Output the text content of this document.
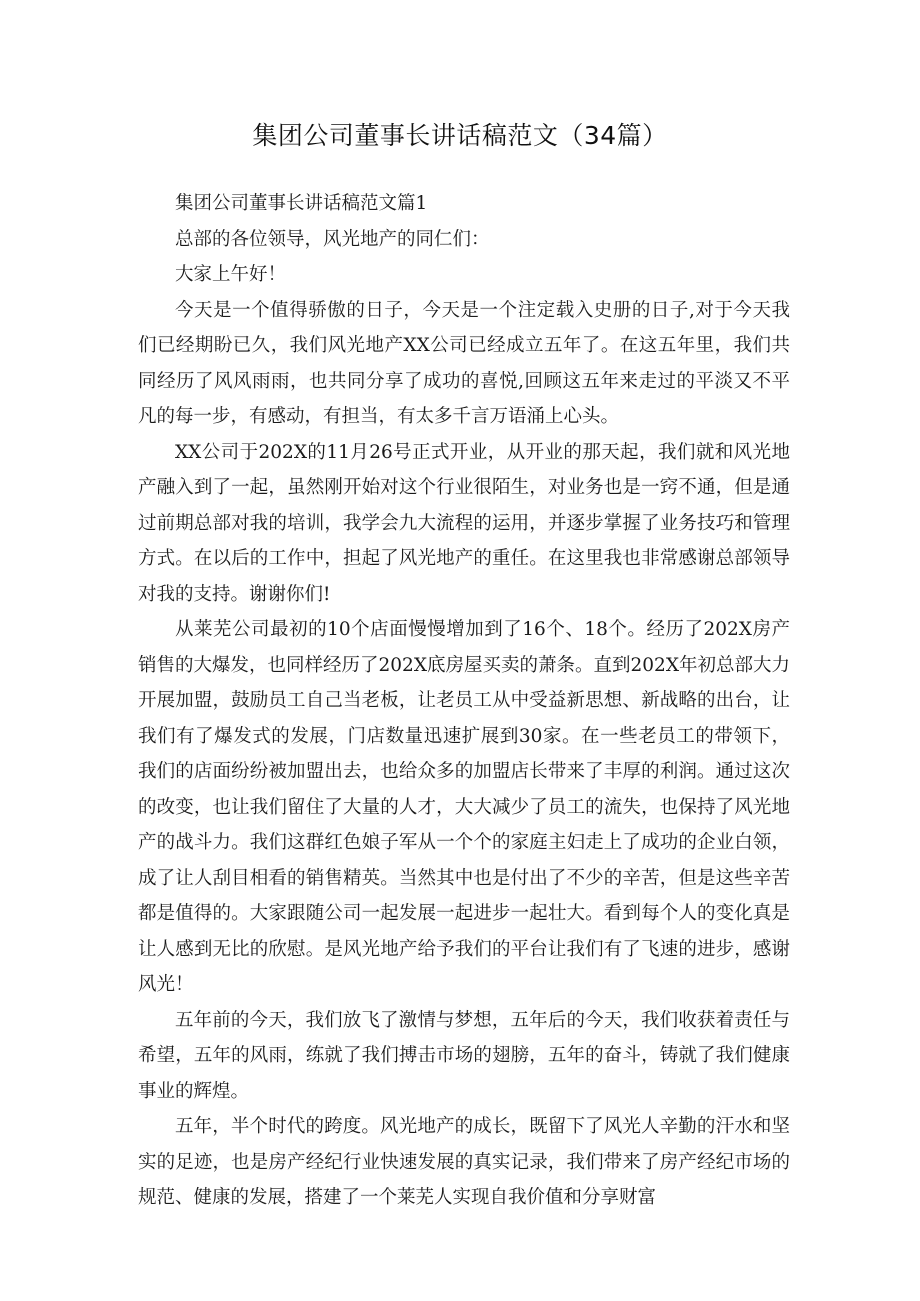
集团公司董事长讲话稿范文（34篇）

集团公司董事长讲话稿范文篇1

总部的各位领导，风光地产的同仁们：

大家上午好！

今天是一个值得骄傲的日子，今天是一个注定载入史册的日子,对于今天我们已经期盼已久，我们风光地产XX公司已经成立五年了。在这五年里，我们共同经历了风风雨雨，也共同分享了成功的喜悦,回顾这五年来走过的平淡又不平凡的每一步，有感动，有担当，有太多千言万语涌上心头。

XX公司于202X的11月26号正式开业，从开业的那天起，我们就和风光地产融入到了一起，虽然刚开始对这个行业很陌生，对业务也是一窍不通，但是通过前期总部对我的培训，我学会九大流程的运用，并逐步掌握了业务技巧和管理方式。在以后的工作中，担起了风光地产的重任。在这里我也非常感谢总部领导对我的支持。谢谢你们!

从莱芜公司最初的10个店面慢慢增加到了16个、18个。经历了202X房产销售的大爆发，也同样经历了202X底房屋买卖的萧条。直到202X年初总部大力开展加盟，鼓励员工自己当老板，让老员工从中受益新思想、新战略的出台，让我们有了爆发式的发展，门店数量迅速扩展到30家。在一些老员工的带领下，我们的店面纷纷被加盟出去，也给众多的加盟店长带来了丰厚的利润。通过这次的改变，也让我们留住了大量的人才，大大减少了员工的流失，也保持了风光地产的战斗力。我们这群红色娘子军从一个个的家庭主妇走上了成功的企业白领，成了让人刮目相看的销售精英。当然其中也是付出了不少的辛苦，但是这些辛苦都是值得的。大家跟随公司一起发展一起进步一起壮大。看到每个人的变化真是让人感到无比的欣慰。是风光地产给予我们的平台让我们有了飞速的进步，感谢风光！

五年前的今天，我们放飞了激情与梦想，五年后的今天，我们收获着责任与希望，五年的风雨，练就了我们搏击市场的翅膀，五年的奋斗，铸就了我们健康事业的辉煌。

五年，半个时代的跨度。风光地产的成长，既留下了风光人辛勤的汗水和坚实的足迹，也是房产经纪行业快速发展的真实记录，我们带来了房产经纪市场的规范、健康的发展，搭建了一个莱芜人实现自我价值和分享财富
